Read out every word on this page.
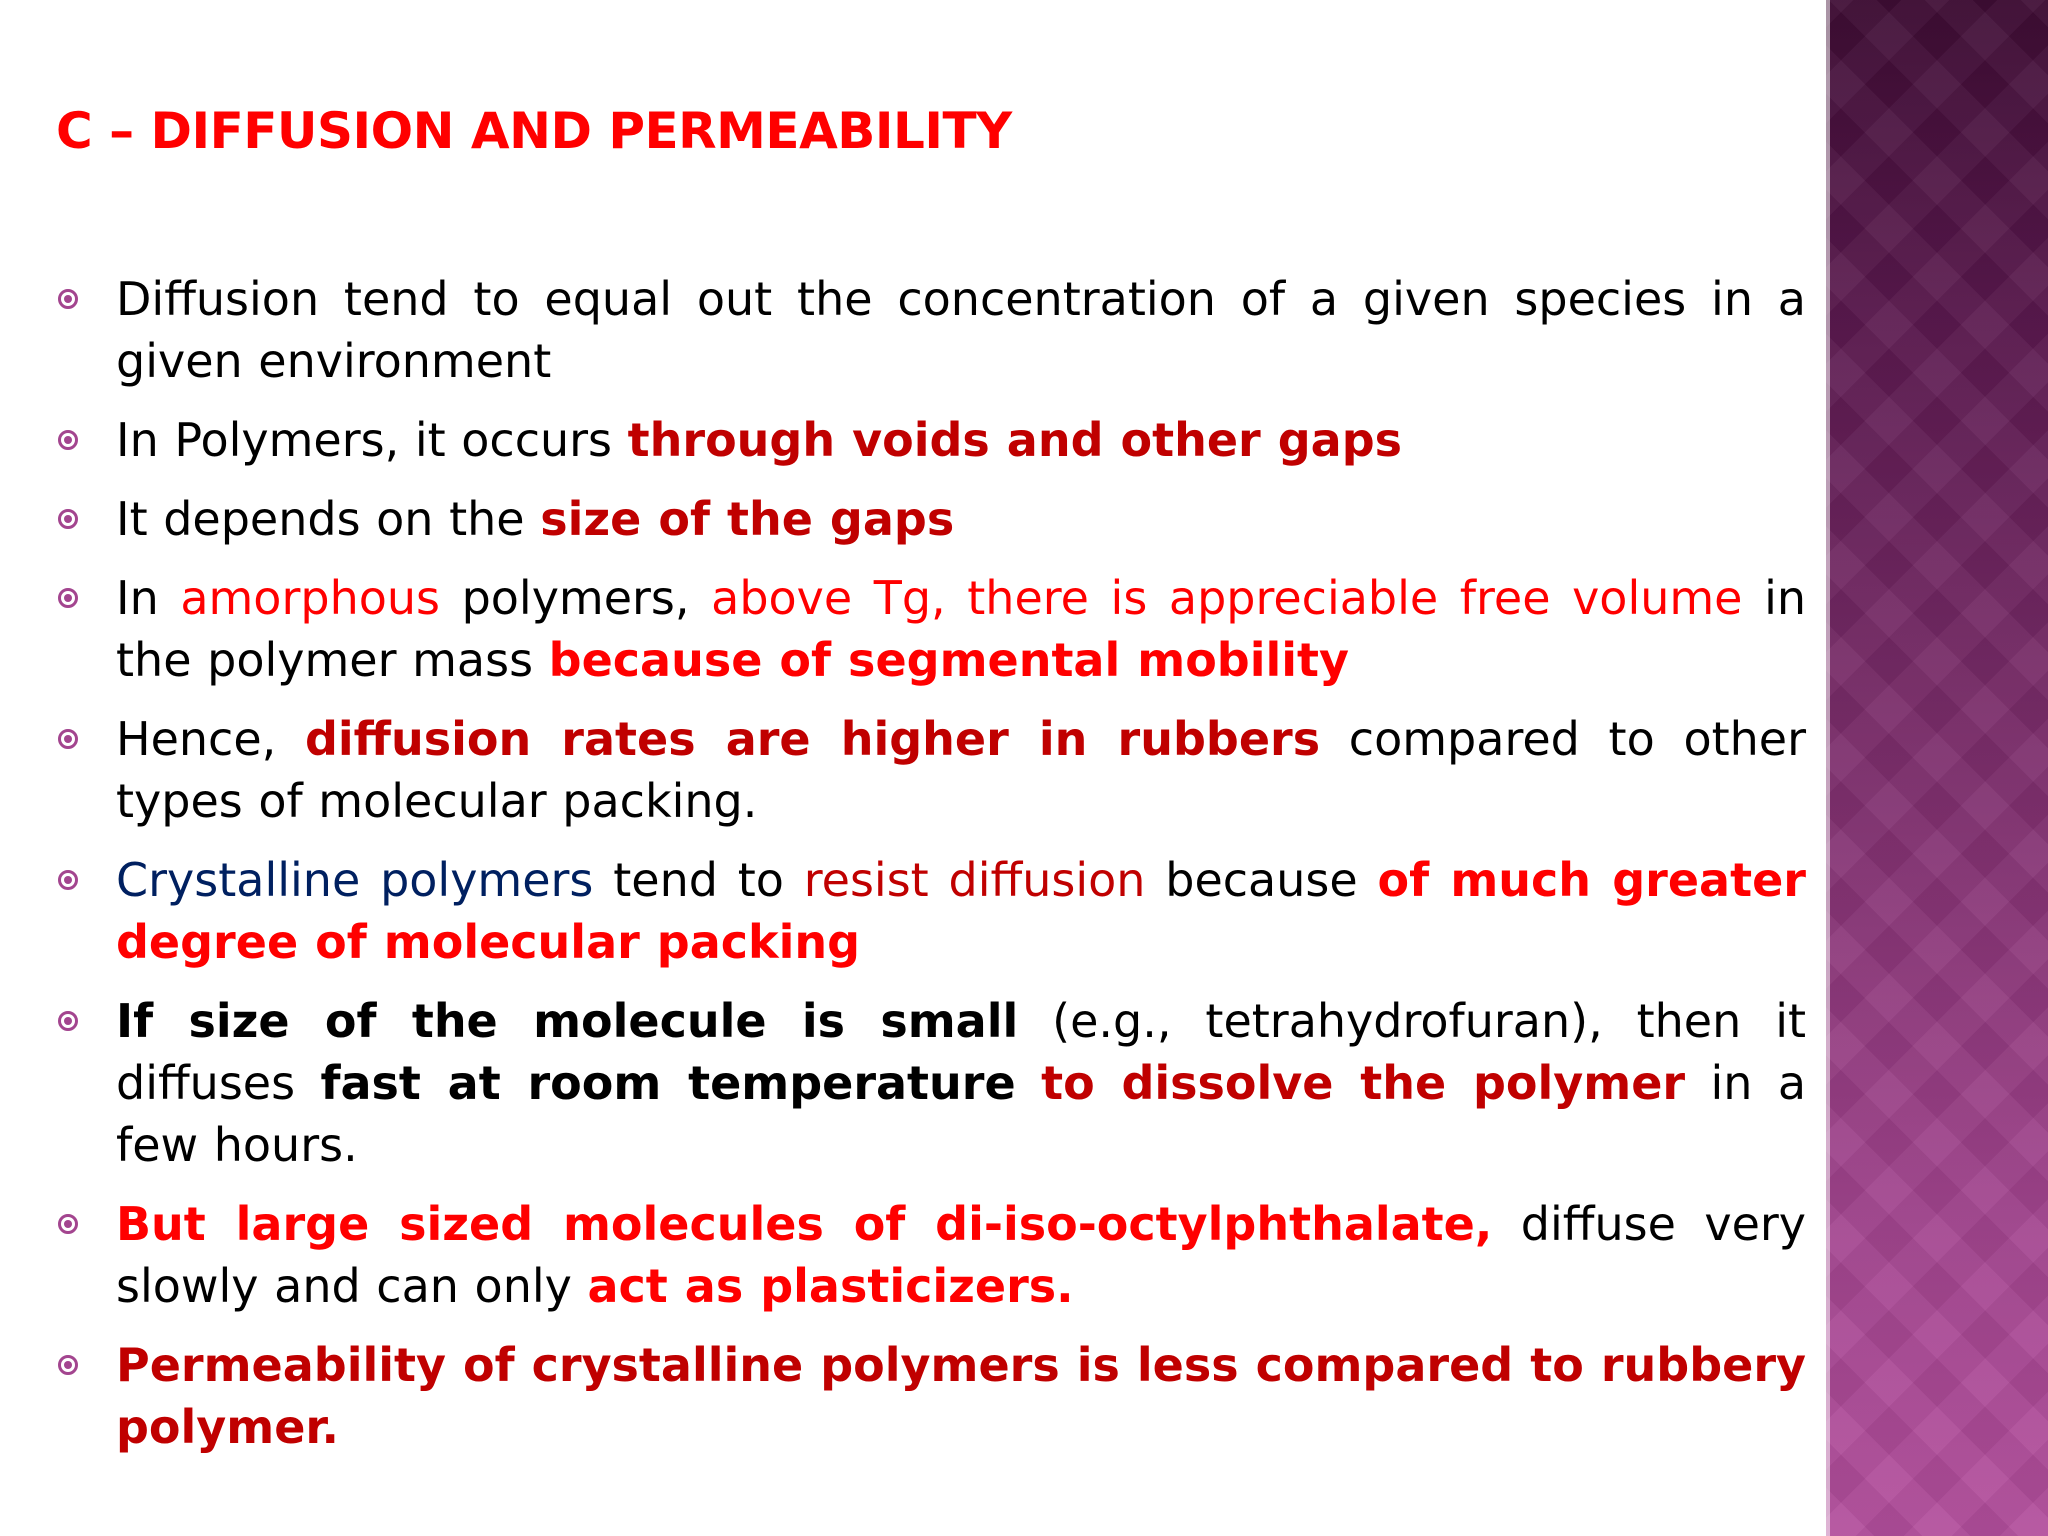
C – DIFFUSION AND PERMEABILITY
Diffusion tend to equal out the concentration of a given species in a given environment
In Polymers, it occurs through voids and other gaps
It depends on the size of the gaps
In amorphous polymers, above Tg, there is appreciable free volume in the polymer mass because of segmental mobility
Hence, diffusion rates are higher in rubbers compared to other types of molecular packing.
Crystalline polymers tend to resist diffusion because of much greater degree of molecular packing
If size of the molecule is small (e.g., tetrahydrofuran), then it diffuses fast at room temperature to dissolve the polymer in a few hours.
But large sized molecules of di-iso-octylphthalate, diffuse very slowly and can only act as plasticizers.
Permeability of crystalline polymers is less compared to rubbery polymer.
